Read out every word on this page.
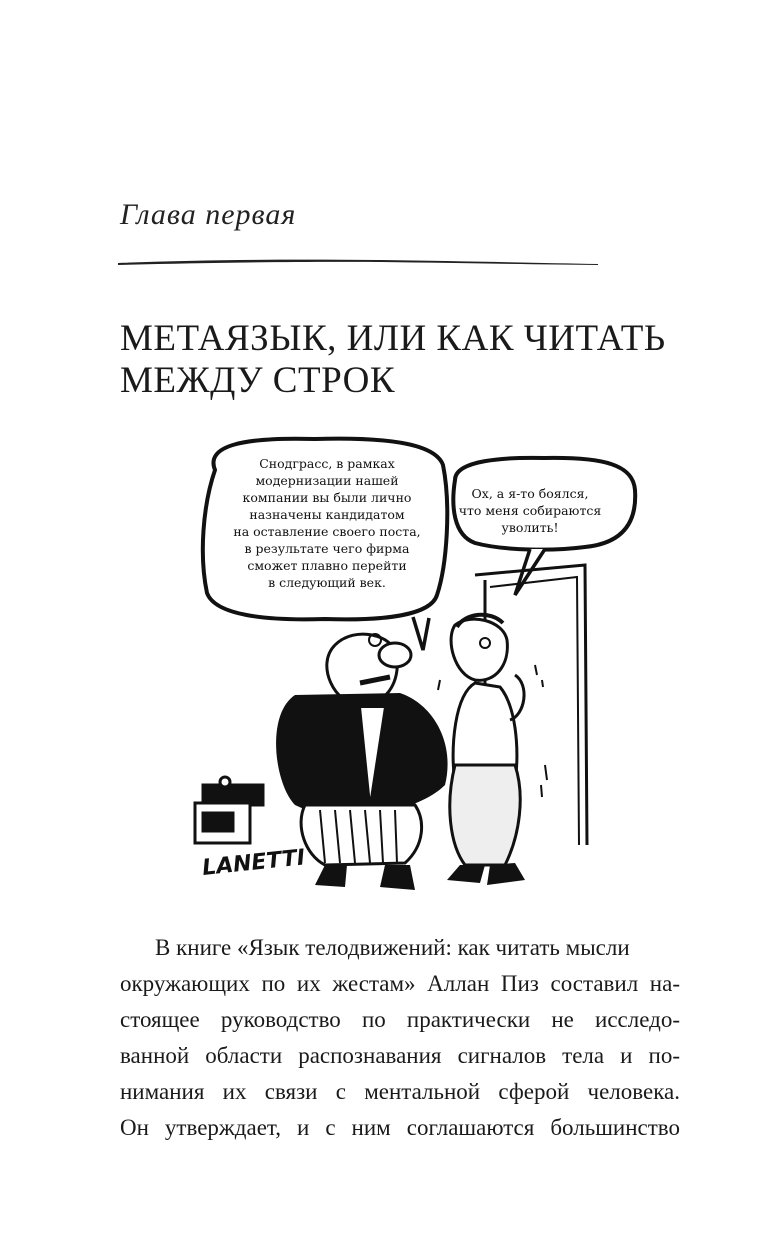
Глава первая
МЕТАЯЗЫК, ИЛИ КАК ЧИТАТЬ
МЕЖДУ СТРОК
LANETTI
Снодграсс, в рамках
модернизации нашей
компании вы были лично
назначены кандидатом
на оставление своего поста,
в результате чего фирма
сможет плавно перейти
в следующий век.
Ох, а я-то боялся,
что меня собираются
уволить!
В книге «Язык телодвижений: как читать мысли
окружающих по их жестам» Аллан Пиз составил на-
стоящее руководство по практически не исследо-
ванной области распознавания сигналов тела и по-
нимания их связи с ментальной сферой человека.
Он утверждает, и с ним соглашаются большинство
